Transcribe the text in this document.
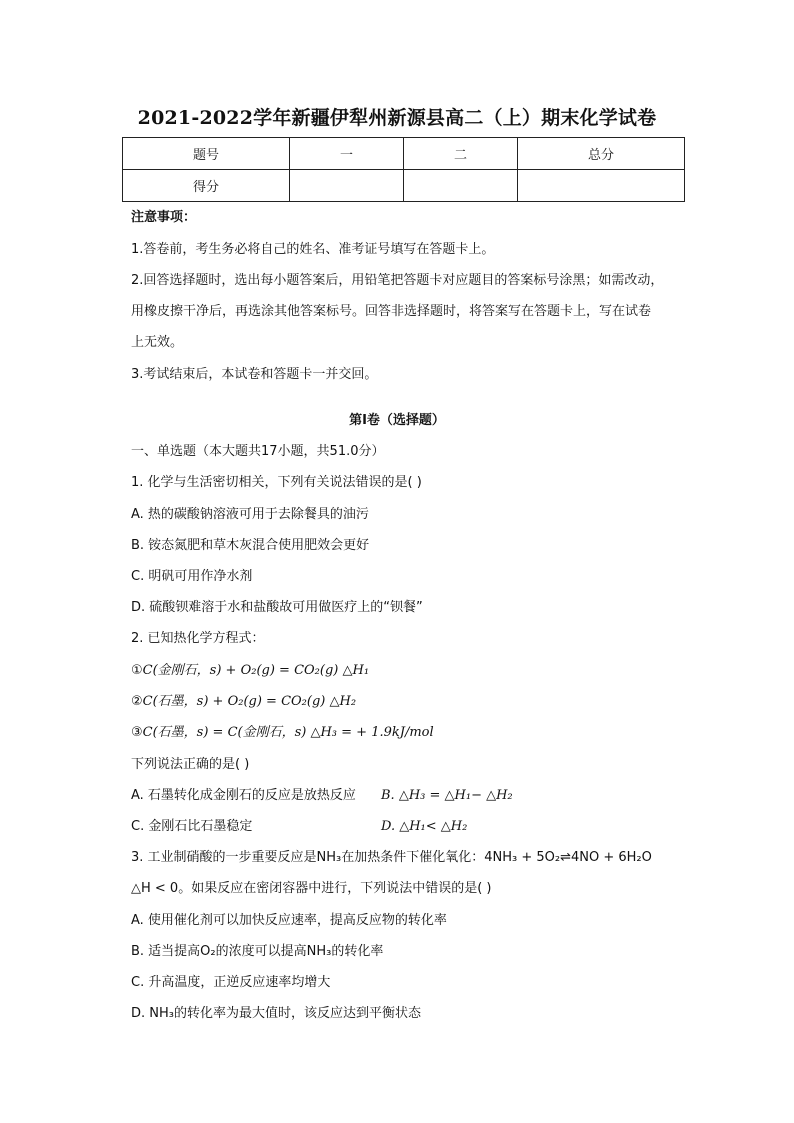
2021-2022学年新疆伊犁州新源县高二（上）期末化学试卷
题号	一	二	总分
得分			
注意事项：
1.答卷前，考生务必将自己的姓名、准考证号填写在答题卡上。
2.回答选择题时，选出每小题答案后，用铅笔把答题卡对应题目的答案标号涂黑；如需改动，
用橡皮擦干净后，再选涂其他答案标号。回答非选择题时，将答案写在答题卡上，写在试卷
上无效。
3.考试结束后，本试卷和答题卡一并交回。
第I卷（选择题）
一、单选题（本大题共17小题，共51.0分）
1. 化学与生活密切相关，下列有关说法错误的是( )
A. 热的碳酸钠溶液可用于去除餐具的油污
B. 铵态氮肥和草木灰混合使用肥效会更好
C. 明矾可用作净水剂
D. 硫酸钡难溶于水和盐酸故可用做医疗上的“钡餐”
2. 已知热化学方程式：
①C(金刚石，s) + O₂(g) = CO₂(g) △H₁
②C(石墨，s) + O₂(g) = CO₂(g) △H₂
③C(石墨，s) = C(金刚石，s) △H₃ = + 1.9kJ/mol
下列说法正确的是( )
A. 石墨转化成金刚石的反应是放热反应 B. △H₃ = △H₁− △H₂
C. 金刚石比石墨稳定	D. △H₁< △H₂
3. 工业制硝酸的一步重要反应是NH₃在加热条件下催化氧化：4NH₃ + 5O₂⇌4NO + 6H₂O
△H < 0。如果反应在密闭容器中进行，下列说法中错误的是( )
A. 使用催化剂可以加快反应速率，提高反应物的转化率
B. 适当提高O₂的浓度可以提高NH₃的转化率
C. 升高温度，正逆反应速率均增大
D. NH₃的转化率为最大值时，该反应达到平衡状态
